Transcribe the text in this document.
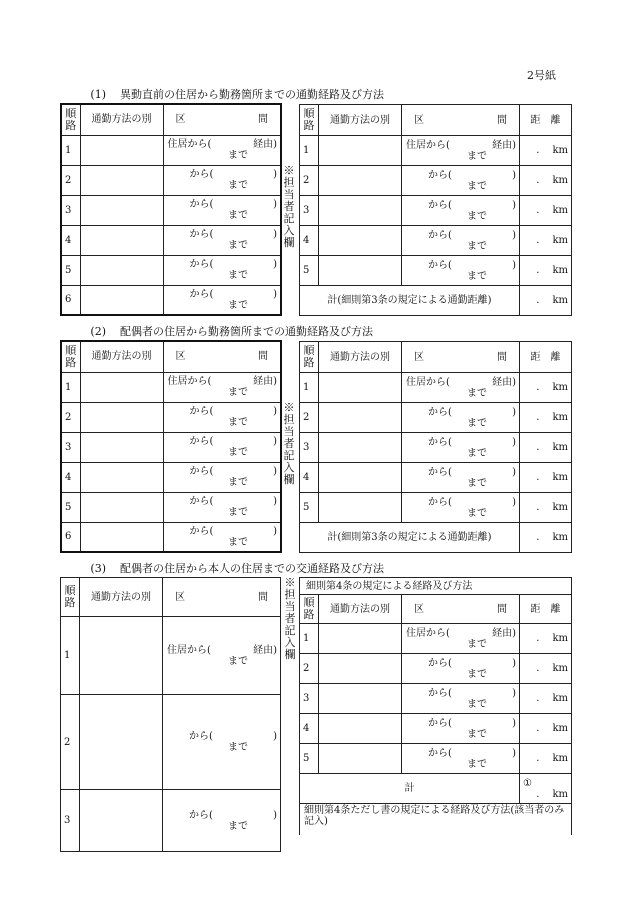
2号紙
(1) 異動直前の住居から勤務箇所までの通勤経路及び方法
順路	通勤方法の別	区 間

1		住居から( 経由)
まで

2		から( )
まで

3		から( )
まで

4		から( )
まで

5		から( )
まで

6		から( )
まで
※担当者記入欄
順路	通勤方法の別	区 間	距　離
1		住居から( 経由)
まで	. km
2		から( )
まで	. km
3		から( )
まで	. km
4		から( )
まで	. km
5		から( )
まで	. km
計(細則第3条の規定による通勤距離)			. km
(2) 配偶者の住居から勤務箇所までの通勤経路及び方法
順路	通勤方法の別	区 間

1		住居から( 経由)
まで

2		から( )
まで

3		から( )
まで

4		から( )
まで

5		から( )
まで

6		から( )
まで
※担当者記入欄
順路	通勤方法の別	区 間	距　離
1		住居から( 経由)
まで	. km
2		から( )
まで	. km
3		から( )
まで	. km
4		から( )
まで	. km
5		から( )
まで	. km
計(細則第3条の規定による通勤距離)			. km
(3) 配偶者の住居から本人の住居までの交通経路及び方法
順路	通勤方法の別	区 間

1		住居から( 経由)
まで

2		から( )
まで

3		から( )
まで
※担当者記入欄
細則第4条の規定による経路及び方法			
順路	通勤方法の別	区 間	距　離
1		住居から( 経由)
まで	. km
2		から( )
まで	. km
3		から( )
まで	. km
4		から( )
まで	. km
5		から( )
まで	. km
計			①
. km

細則第4条ただし書の規定による経路及び方法(該当者のみ記入)			
